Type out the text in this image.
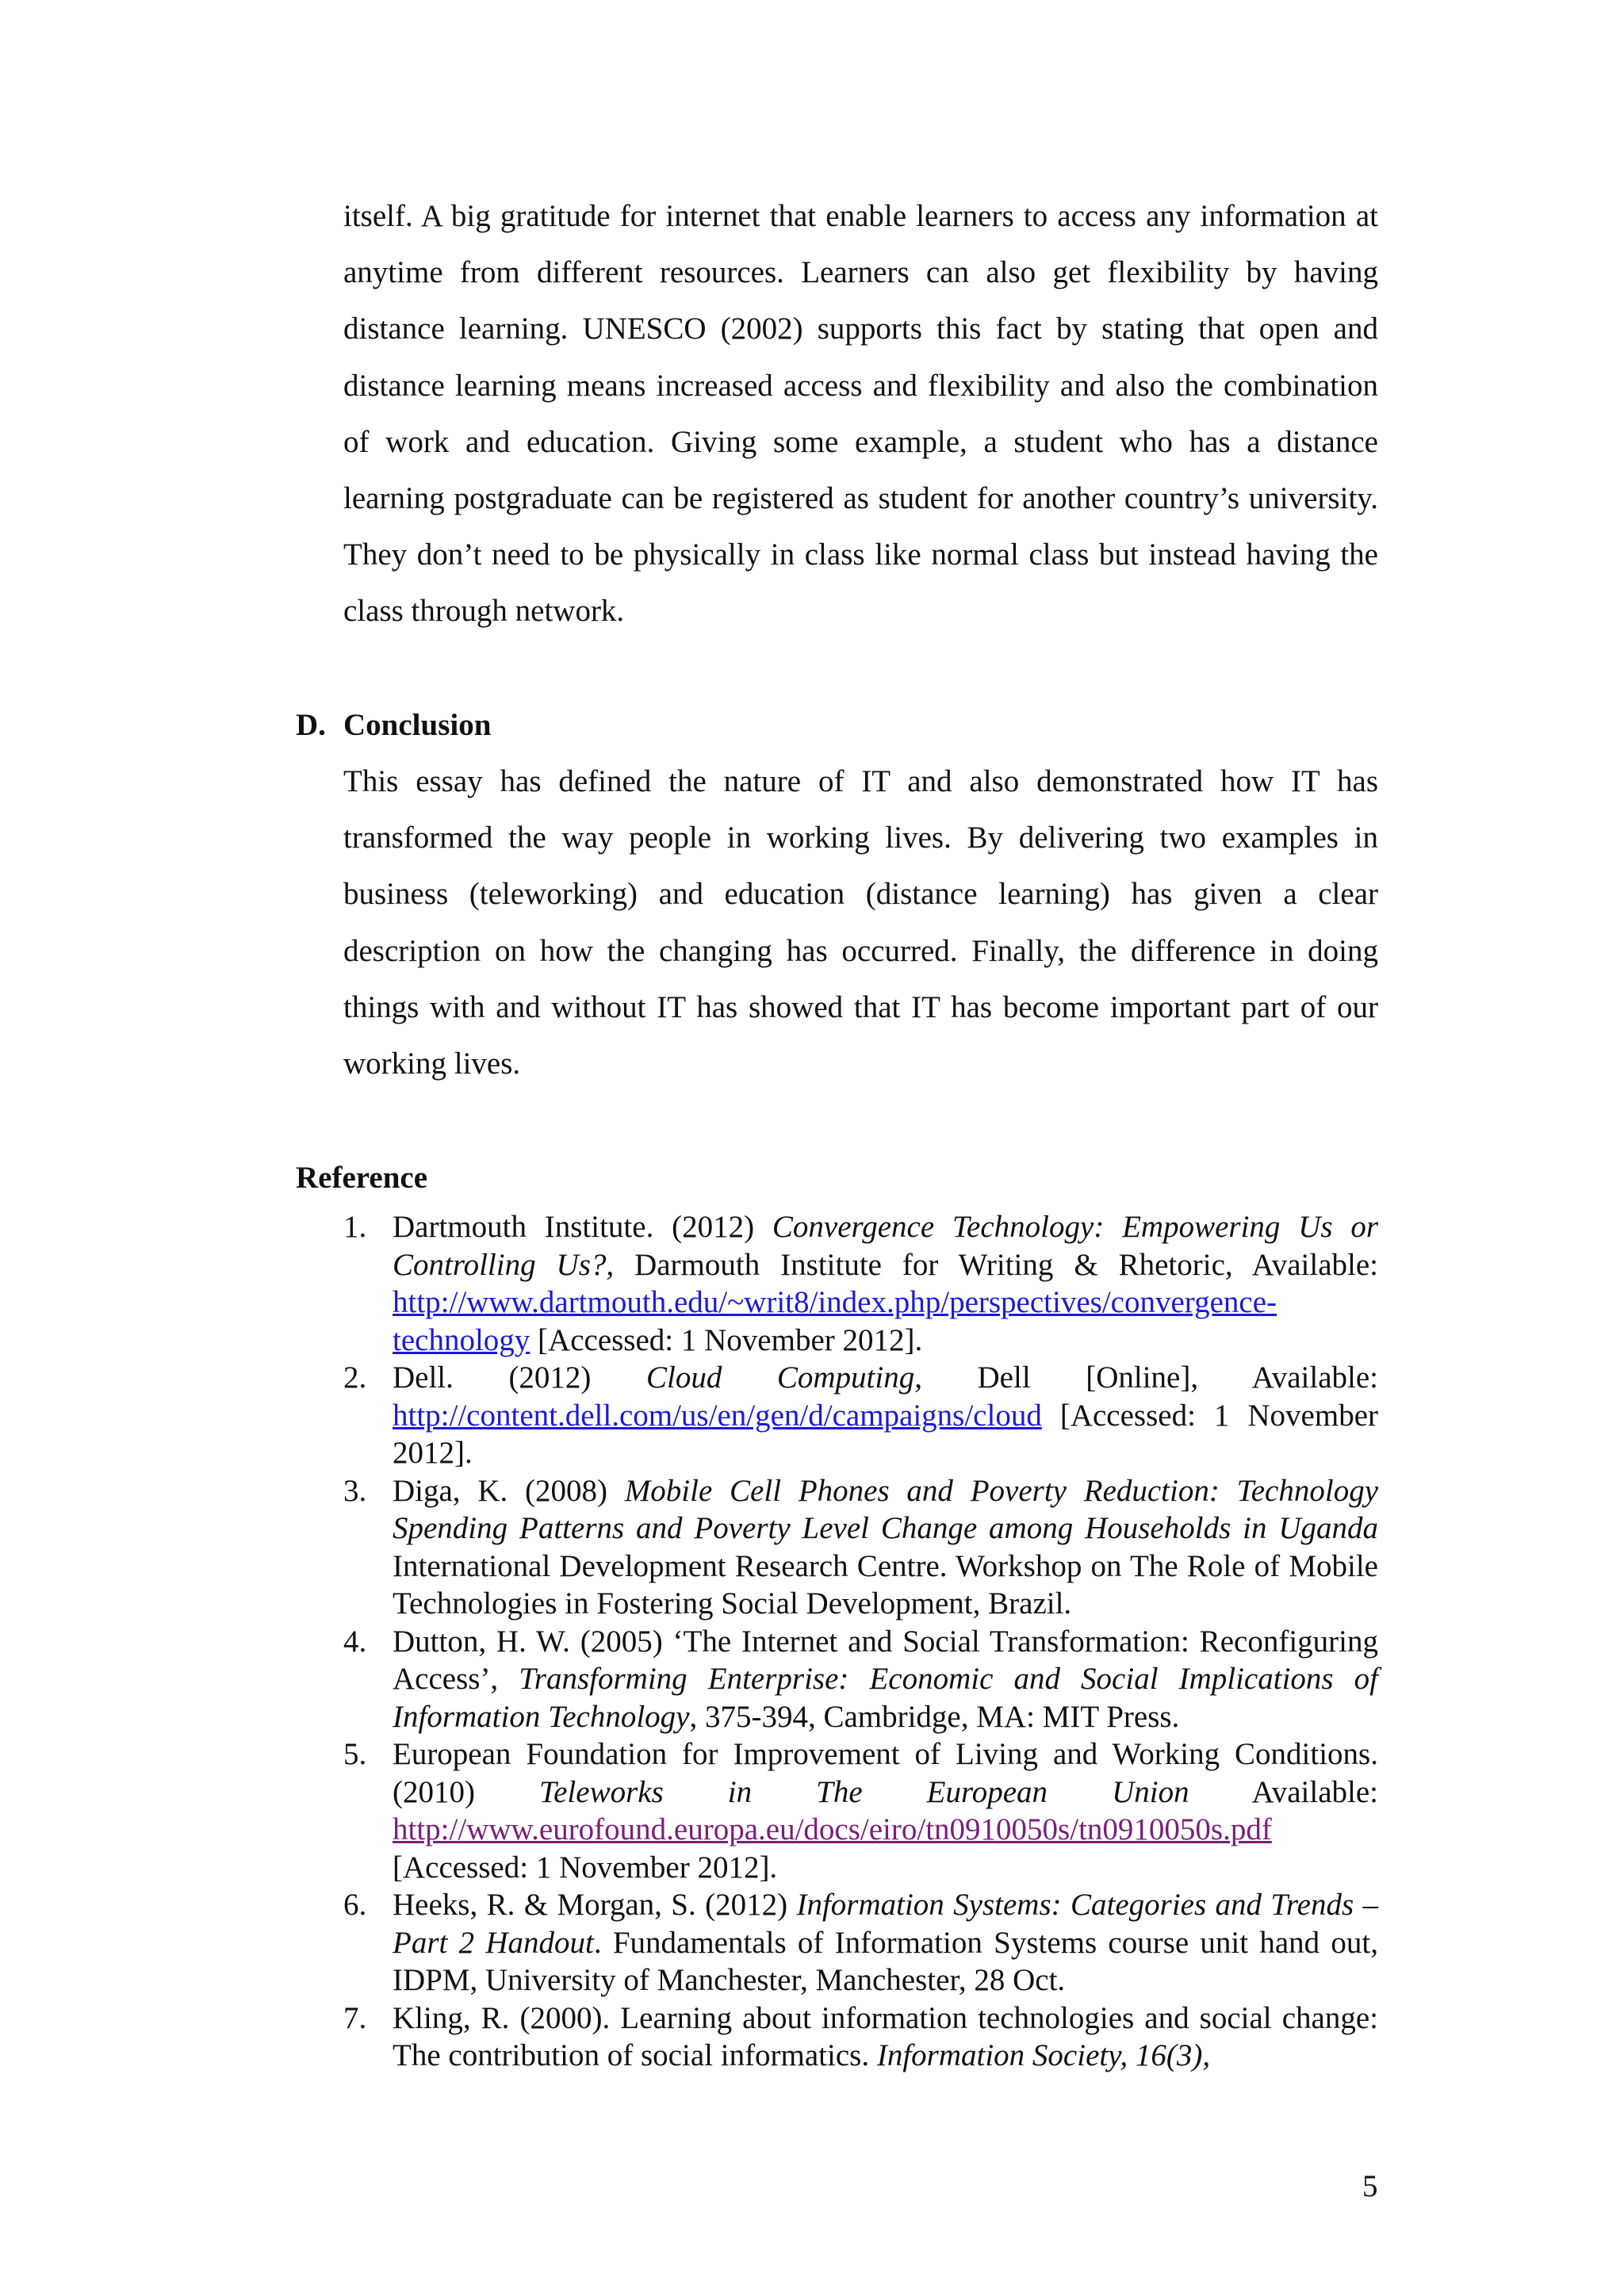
itself. A big gratitude for internet that enable learners to access any information at anytime from different resources. Learners can also get flexibility by having distance learning. UNESCO (2002) supports this fact by stating that open and distance learning means increased access and flexibility and also the combination of work and education. Giving some example, a student who has a distance learning postgraduate can be registered as student for another country’s university. They don’t need to be physically in class like normal class but instead having the class through network.

D. Conclusion

This essay has defined the nature of IT and also demonstrated how IT has transformed the way people in working lives. By delivering two examples in business (teleworking) and education (distance learning) has given a clear description on how the changing has occurred. Finally, the difference in doing things with and without IT has showed that IT has become important part of our working lives.

Reference
1. Dartmouth Institute. (2012) Convergence Technology: Empowering Us or Controlling Us?, Darmouth Institute for Writing & Rhetoric, Available: http://www.dartmouth.edu/~writ8/index.php/perspectives/convergence-technology [Accessed: 1 November 2012].
2. Dell. (2012) Cloud Computing, Dell [Online], Available: http://content.dell.com/us/en/gen/d/campaigns/cloud [Accessed: 1 November 2012].
3. Diga, K. (2008) Mobile Cell Phones and Poverty Reduction: Technology Spending Patterns and Poverty Level Change among Households in Uganda International Development Research Centre. Workshop on The Role of Mobile Technologies in Fostering Social Development, Brazil.
4. Dutton, H. W. (2005) ‘The Internet and Social Transformation: Reconfiguring Access’, Transforming Enterprise: Economic and Social Implications of Information Technology, 375-394, Cambridge, MA: MIT Press.
5. European Foundation for Improvement of Living and Working Conditions. (2010) Teleworks in The European Union Available: http://www.eurofound.europa.eu/docs/eiro/tn0910050s/tn0910050s.pdf [Accessed: 1 November 2012].
6. Heeks, R. & Morgan, S. (2012) Information Systems: Categories and Trends – Part 2 Handout. Fundamentals of Information Systems course unit hand out, IDPM, University of Manchester, Manchester, 28 Oct.
7. Kling, R. (2000). Learning about information technologies and social change: The contribution of social informatics. Information Society, 16(3),

5
